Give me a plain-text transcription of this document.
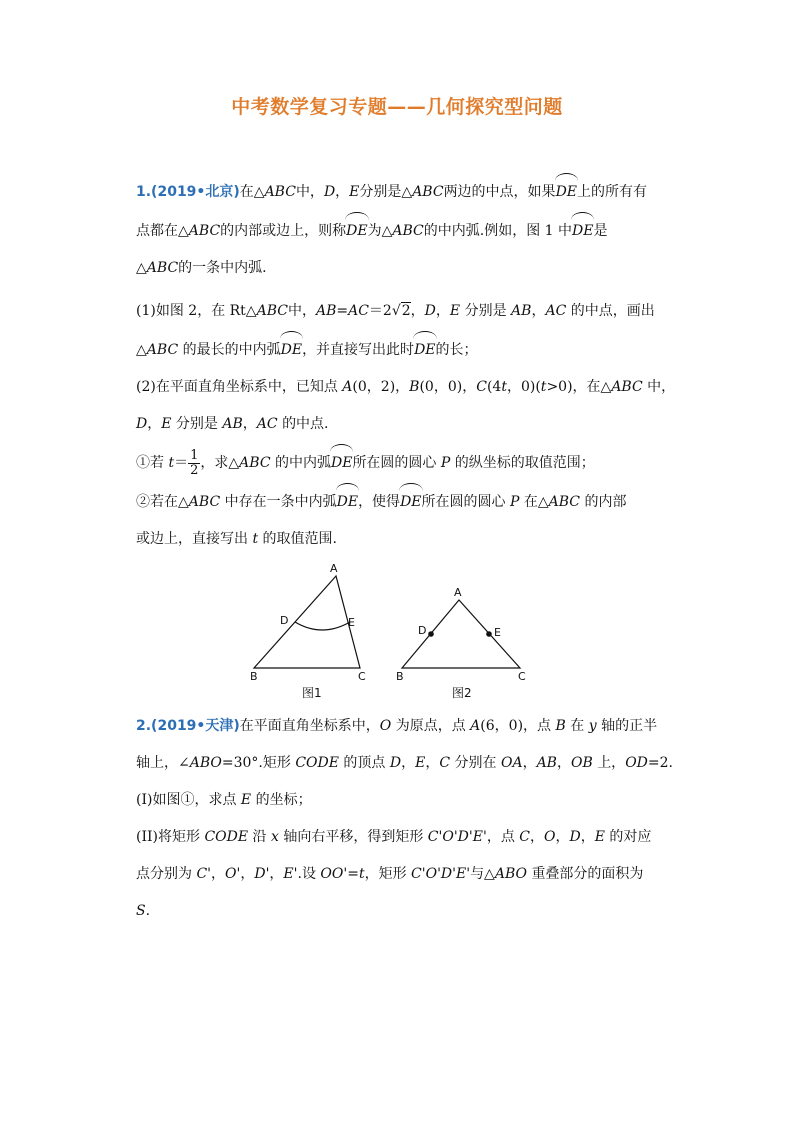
中考数学复习专题——几何探究型问题
1.(2019•北京)在△ABC中，D，E分别是△ABC两边的中点，如果DE上的所有有
点都在△ABC的内部或边上，则称DE为△ABC的中内弧.例如，图 1 中DE是
△ABC的一条中内弧.
(1)如图 2，在 Rt△ABC中，AB=AC＝2√2，D，E 分别是 AB，AC 的中点，画出
△ABC 的最长的中内弧DE，并直接写出此时DE的长；
(2)在平面直角坐标系中，已知点 A(0，2)，B(0，0)，C(4t，0)(t>0)，在△ABC 中，
D，E 分别是 AB，AC 的中点.
①若 $t= \frac{1}{2}$ ，求△ABC 的中内弧DE所在圆的圆心 P 的纵坐标的取值范围；
②若在△ABC 中存在一条中内弧DE，使得DE所在圆的圆心 P 在△ABC 的内部
或边上，直接写出 t 的取值范围.
A
D	E
B	C
图1
A
D	E
B	C
图2
2.(2019•天津)在平面直角坐标系中，O 为原点，点 A(6，0)，点 B 在 y 轴的正半
轴上，∠ABO=30°.矩形 CODE 的顶点 D，E，C 分别在 OA，AB，OB 上，OD=2.
(I)如图①，求点 E 的坐标；
(II)将矩形 CODE 沿 x 轴向右平移，得到矩形 C'O'D'E'，点 C，O，D，E 的对应
点分别为 C'，O'，D'，E'.设 OO'=t，矩形 C'O'D'E'与△ABO 重叠部分的面积为
S.
